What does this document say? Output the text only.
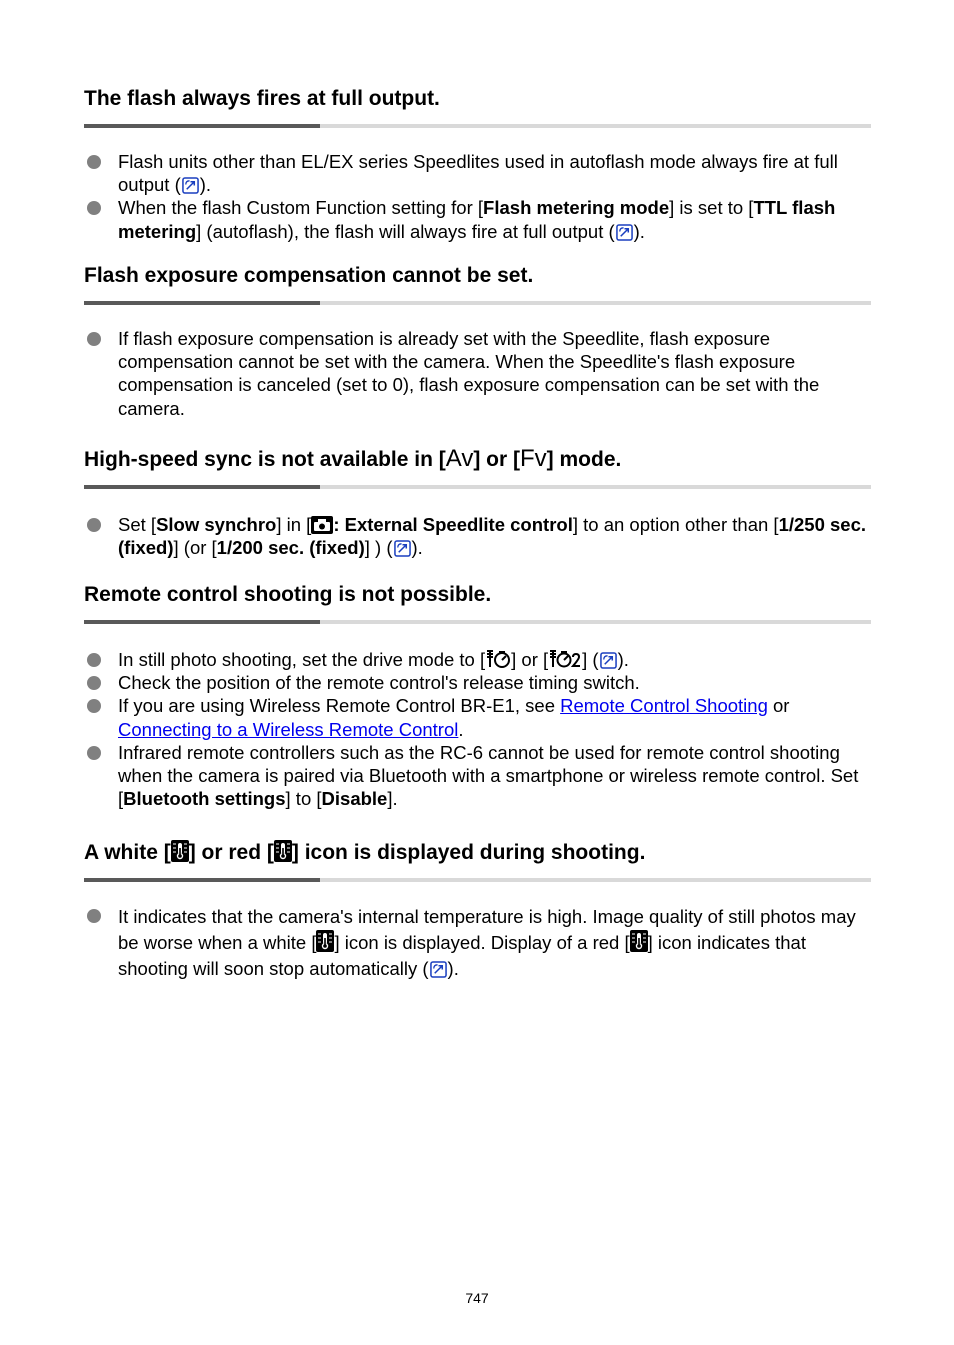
The flash always fires at full output.
Flash units other than EL/EX series Speedlites used in autoflash mode always fire at full output ( ).
When the flash Custom Function setting for [Flash metering mode] is set to [TTL flash metering] (autoflash), the flash will always fire at full output ( ).
Flash exposure compensation cannot be set.
If flash exposure compensation is already set with the Speedlite, flash exposure compensation cannot be set with the camera. When the Speedlite's flash exposure compensation is canceled (set to 0), flash exposure compensation can be set with the camera.
High-speed sync is not available in [Av] or [Fv] mode.
Set [Slow synchro] in [ : External Speedlite control] to an option other than [1/250 sec. (fixed)] (or [1/200 sec. (fixed)] ) ( ).
Remote control shooting is not possible.
In still photo shooting, set the drive mode to [ ] or [ ] ( ).
Check the position of the remote control's release timing switch.
If you are using Wireless Remote Control BR-E1, see Remote Control Shooting or Connecting to a Wireless Remote Control.
Infrared remote controllers such as the RC-6 cannot be used for remote control shooting when the camera is paired via Bluetooth with a smartphone or wireless remote control. Set [Bluetooth settings] to [Disable].
A white [ ] or red [ ] icon is displayed during shooting.
It indicates that the camera's internal temperature is high. Image quality of still photos may be worse when a white [ ] icon is displayed. Display of a red [ ] icon indicates that shooting will soon stop automatically ( ).
747
